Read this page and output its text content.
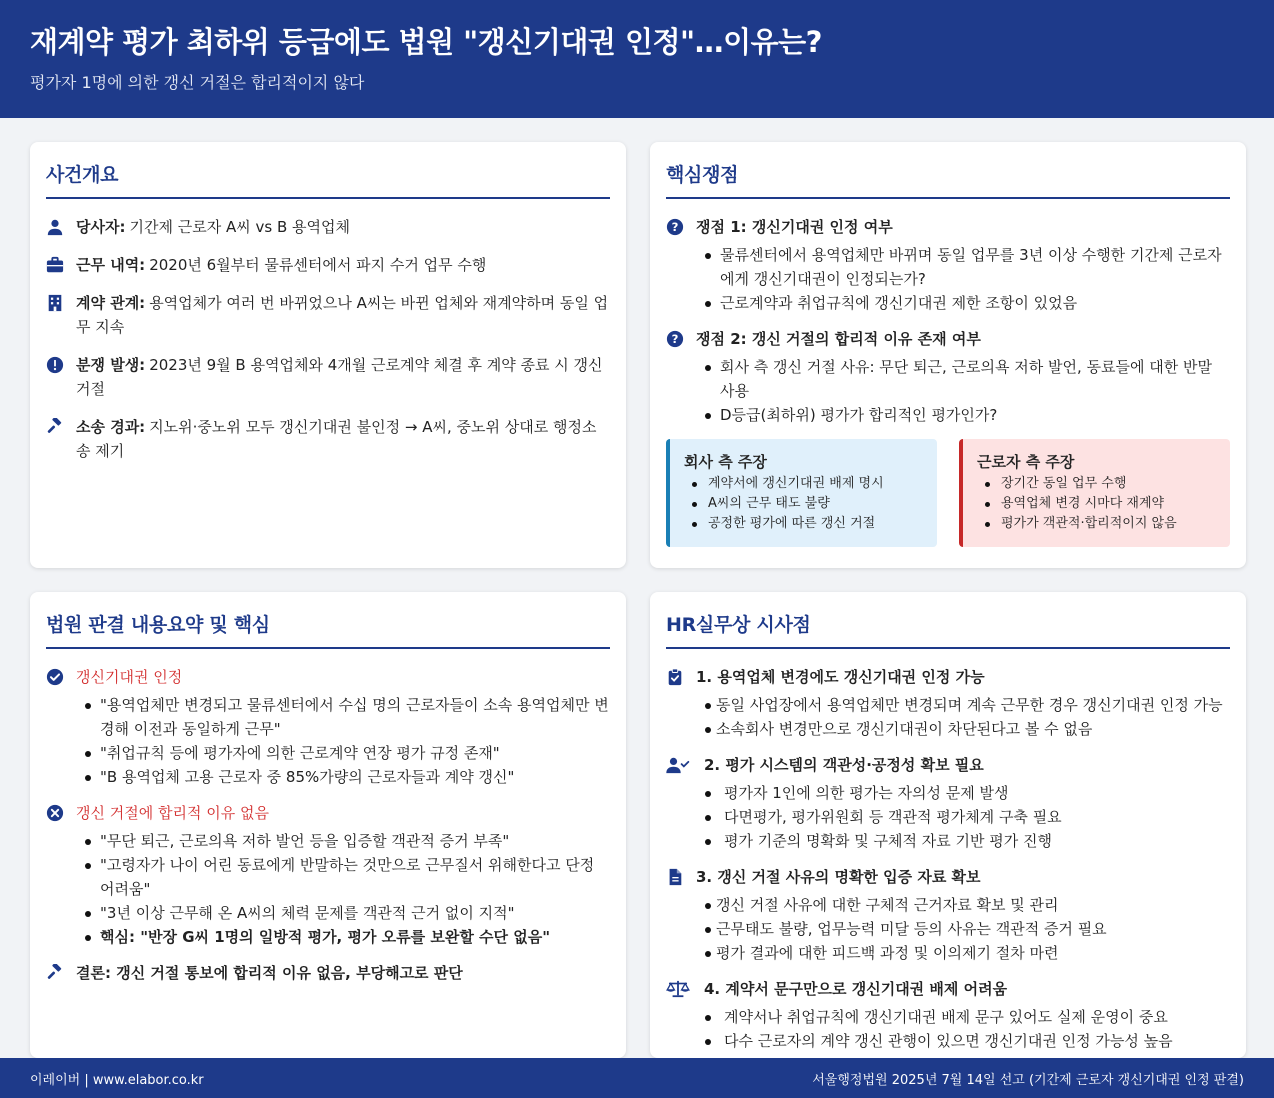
재계약 평가 최하위 등급에도 법원 "갱신기대권 인정"…이유는?
평가자 1명에 의한 갱신 거절은 합리적이지 않다
사건개요
당사자: 기간제 근로자 A씨 vs B 용역업체
근무 내역: 2020년 6월부터 물류센터에서 파지 수거 업무 수행
계약 관계: 용역업체가 여러 번 바뀌었으나 A씨는 바뀐 업체와 재계약하며 동일 업무 지속
분쟁 발생: 2023년 9월 B 용역업체와 4개월 근로계약 체결 후 계약 종료 시 갱신 거절
소송 경과: 지노위·중노위 모두 갱신기대권 불인정 → A씨, 중노위 상대로 행정소송 제기
핵심쟁점
? 쟁점 1: 갱신기대권 인정 여부
물류센터에서 용역업체만 바뀌며 동일 업무를 3년 이상 수행한 기간제 근로자에게 갱신기대권이 인정되는가?
근로계약과 취업규칙에 갱신기대권 제한 조항이 있었음
? 쟁점 2: 갱신 거절의 합리적 이유 존재 여부
회사 측 갱신 거절 사유: 무단 퇴근, 근로의욕 저하 발언, 동료들에 대한 반말 사용
D등급(최하위) 평가가 합리적인 평가인가?
회사 측 주장
계약서에 갱신기대권 배제 명시
A씨의 근무 태도 불량
공정한 평가에 따른 갱신 거절
근로자 측 주장
장기간 동일 업무 수행
용역업체 변경 시마다 재계약
평가가 객관적·합리적이지 않음
법원 판결 내용요약 및 핵심
갱신기대권 인정
"용역업체만 변경되고 물류센터에서 수십 명의 근로자들이 소속 용역업체만 변경해 이전과 동일하게 근무"
"취업규칙 등에 평가자에 의한 근로계약 연장 평가 규정 존재"
"B 용역업체 고용 근로자 중 85%가량의 근로자들과 계약 갱신"
갱신 거절에 합리적 이유 없음
"무단 퇴근, 근로의욕 저하 발언 등을 입증할 객관적 증거 부족"
"고령자가 나이 어린 동료에게 반말하는 것만으로 근무질서 위해한다고 단정 어려움"
"3년 이상 근무해 온 A씨의 체력 문제를 객관적 근거 없이 지적"
핵심: "반장 G씨 1명의 일방적 평가, 평가 오류를 보완할 수단 없음"
결론: 갱신 거절 통보에 합리적 이유 없음, 부당해고로 판단
HR실무상 시사점
1. 용역업체 변경에도 갱신기대권 인정 가능
동일 사업장에서 용역업체만 변경되며 계속 근무한 경우 갱신기대권 인정 가능
소속회사 변경만으로 갱신기대권이 차단된다고 볼 수 없음
2. 평가 시스템의 객관성·공정성 확보 필요
평가자 1인에 의한 평가는 자의성 문제 발생
다면평가, 평가위원회 등 객관적 평가체계 구축 필요
평가 기준의 명확화 및 구체적 자료 기반 평가 진행
3. 갱신 거절 사유의 명확한 입증 자료 확보
갱신 거절 사유에 대한 구체적 근거자료 확보 및 관리
근무태도 불량, 업무능력 미달 등의 사유는 객관적 증거 필요
평가 결과에 대한 피드백 과정 및 이의제기 절차 마련
4. 계약서 문구만으로 갱신기대권 배제 어려움
계약서나 취업규칙에 갱신기대권 배제 문구 있어도 실제 운영이 중요
다수 근로자의 계약 갱신 관행이 있으면 갱신기대권 인정 가능성 높음
이레이버 | www.elabor.co.kr	서울행정법원 2025년 7월 14일 선고 (기간제 근로자 갱신기대권 인정 판결)
